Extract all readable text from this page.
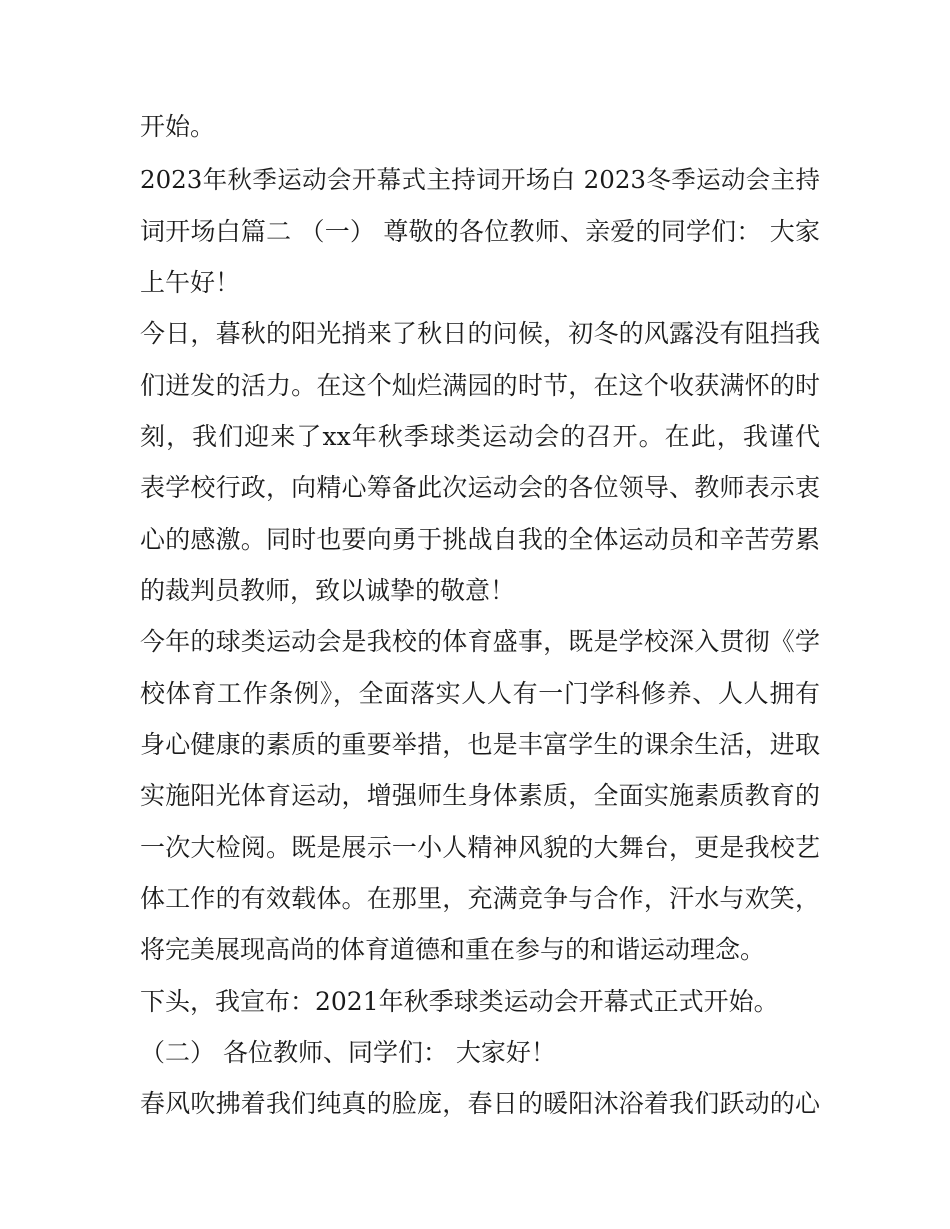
开始。
2023年秋季运动会开幕式主持词开场白 2023冬季运动会主持
词开场白篇二 （一） 尊敬的各位教师、亲爱的同学们： 大家
上午好！
今日，暮秋的阳光捎来了秋日的问候，初冬的风露没有阻挡我
们迸发的活力。在这个灿烂满园的时节，在这个收获满怀的时
刻，我们迎来了xx年秋季球类运动会的召开。在此，我谨代
表学校行政，向精心筹备此次运动会的各位领导、教师表示衷
心的感激。同时也要向勇于挑战自我的全体运动员和辛苦劳累
的裁判员教师，致以诚挚的敬意！
今年的球类运动会是我校的体育盛事，既是学校深入贯彻《学
校体育工作条例》，全面落实人人有一门学科修养、人人拥有
身心健康的素质的重要举措，也是丰富学生的课余生活，进取
实施阳光体育运动，增强师生身体素质，全面实施素质教育的
一次大检阅。既是展示一小人精神风貌的大舞台，更是我校艺
体工作的有效载体。在那里，充满竞争与合作，汗水与欢笑，
将完美展现高尚的体育道德和重在参与的和谐运动理念。
下头，我宣布：2021年秋季球类运动会开幕式正式开始。
（二） 各位教师、同学们： 大家好！
春风吹拂着我们纯真的脸庞，春日的暖阳沐浴着我们跃动的心
